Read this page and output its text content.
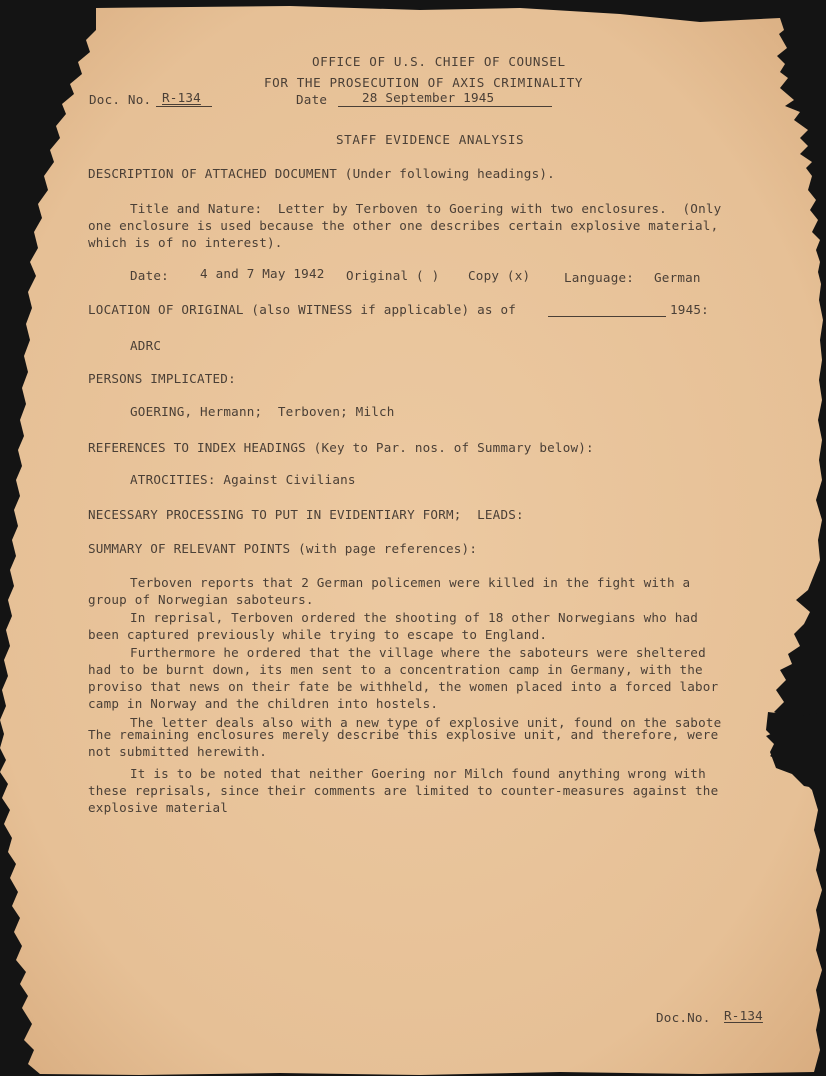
OFFICE OF U.S. CHIEF OF COUNSEL
FOR THE PROSECUTION OF AXIS CRIMINALITY
Doc. No. R-134	Date	28 September 1945
STAFF EVIDENCE ANALYSIS
DESCRIPTION OF ATTACHED DOCUMENT (Under following headings).
Title and Nature:  Letter by Terboven to Goering with two enclosures.  (Only
one enclosure is used because the other one describes certain explosive material,
which is of no interest).
Date: 4 and 7 May 1942 Original ( ) Copy (x)	Language: German
LOCATION OF ORIGINAL (also WITNESS if applicable) as of	1945:
ADRC
PERSONS IMPLICATED:
GOERING, Hermann;  Terboven; Milch
REFERENCES TO INDEX HEADINGS (Key to Par. nos. of Summary below):
ATROCITIES: Against Civilians
NECESSARY PROCESSING TO PUT IN EVIDENTIARY FORM;  LEADS:
SUMMARY OF RELEVANT POINTS (with page references):
Terboven reports that 2 German policemen were killed in the fight with a
group of Norwegian saboteurs.
In reprisal, Terboven ordered the shooting of 18 other Norwegians who had
been captured previously while trying to escape to England.
Furthermore he ordered that the village where the saboteurs were sheltered
had to be burnt down, its men sent to a concentration camp in Germany, with the
proviso that news on their fate be withheld, the women placed into a forced labor
camp in Norway and the children into hostels.
The letter deals also with a new type of explosive unit, found on the sabote
The remaining enclosures merely describe this explosive unit, and therefore, were
not submitted herewith.
It is to be noted that neither Goering nor Milch found anything wrong with
these reprisals, since their comments are limited to counter-measures against the
explosive material
Doc.No. R-134
